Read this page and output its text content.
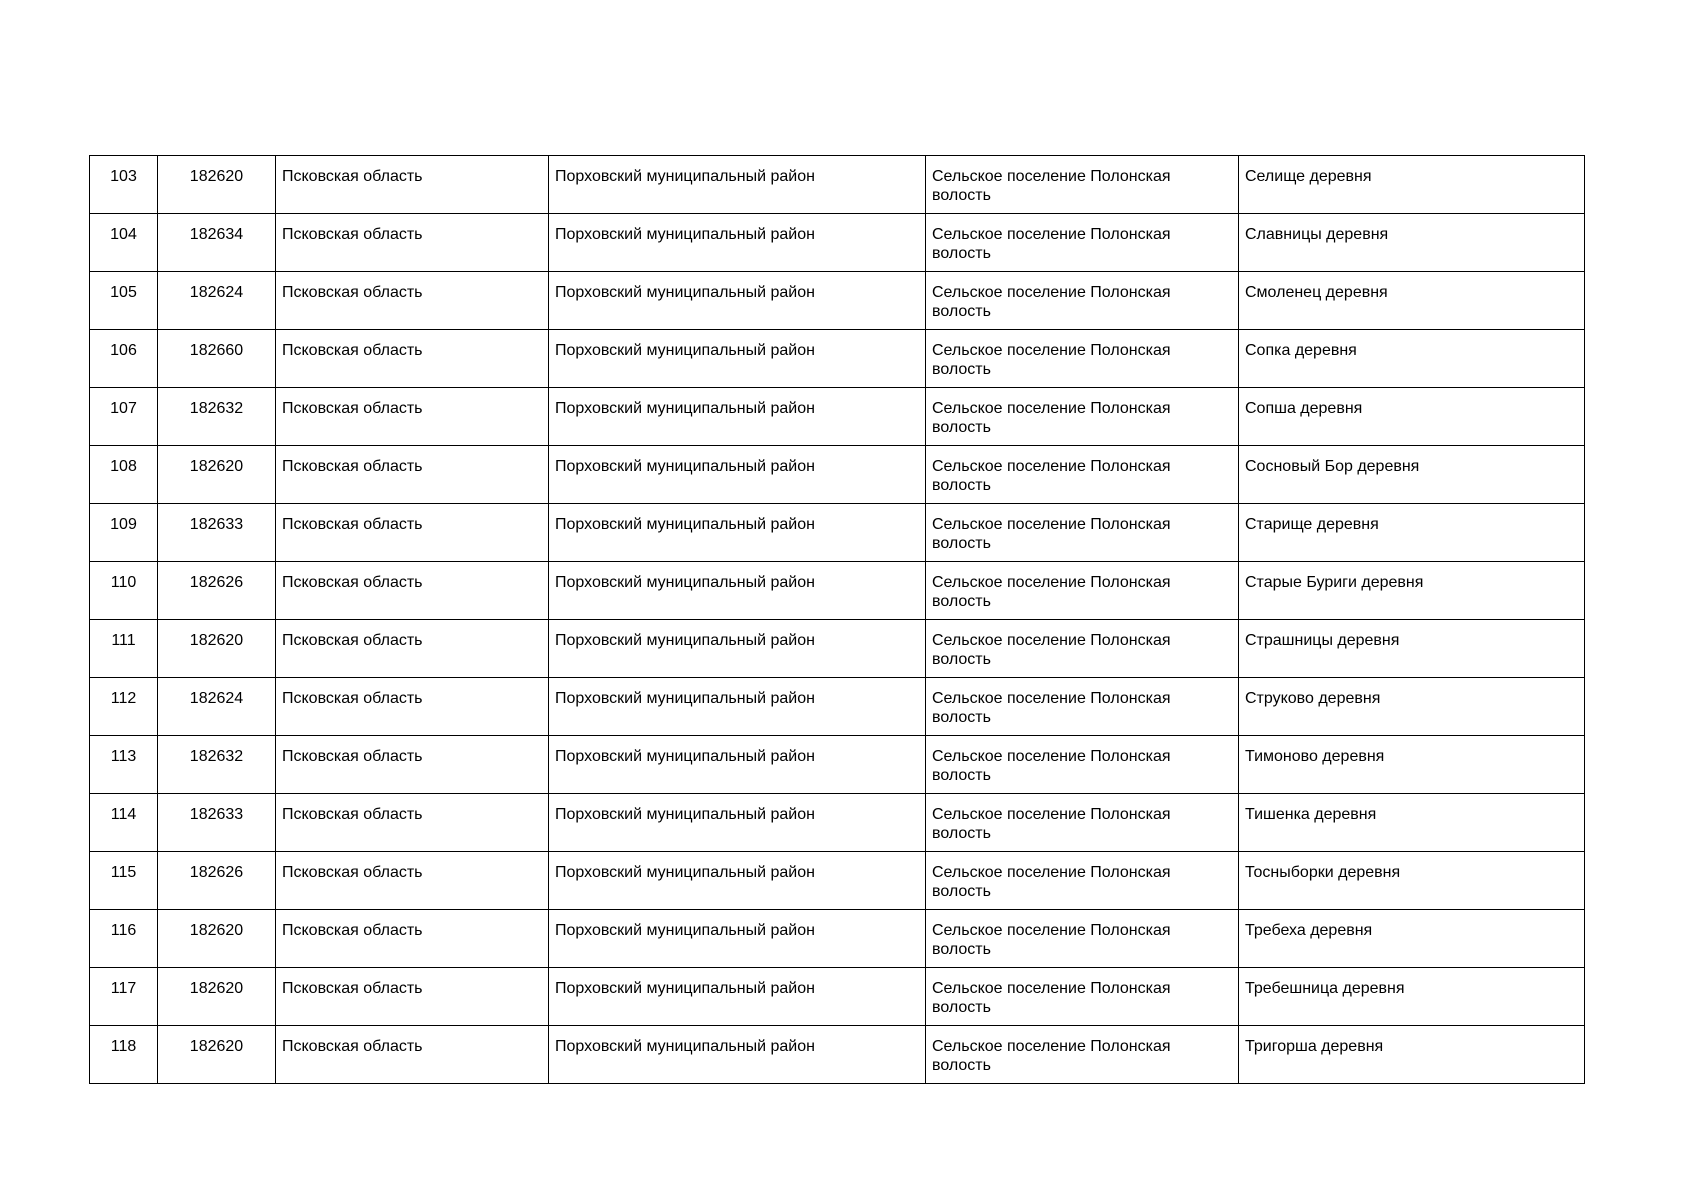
103	182620	Псковская область	Порховский муниципальный район	Сельское поселение Полонская волость	Селище деревня
104	182634	Псковская область	Порховский муниципальный район	Сельское поселение Полонская волость	Славницы деревня
105	182624	Псковская область	Порховский муниципальный район	Сельское поселение Полонская волость	Смоленец деревня
106	182660	Псковская область	Порховский муниципальный район	Сельское поселение Полонская волость	Сопка деревня
107	182632	Псковская область	Порховский муниципальный район	Сельское поселение Полонская волость	Сопша деревня
108	182620	Псковская область	Порховский муниципальный район	Сельское поселение Полонская волость	Сосновый Бор деревня
109	182633	Псковская область	Порховский муниципальный район	Сельское поселение Полонская волость	Старище деревня
110	182626	Псковская область	Порховский муниципальный район	Сельское поселение Полонская волость	Старые Буриги деревня
111	182620	Псковская область	Порховский муниципальный район	Сельское поселение Полонская волость	Страшницы деревня
112	182624	Псковская область	Порховский муниципальный район	Сельское поселение Полонская волость	Струково деревня
113	182632	Псковская область	Порховский муниципальный район	Сельское поселение Полонская волость	Тимоново деревня
114	182633	Псковская область	Порховский муниципальный район	Сельское поселение Полонская волость	Тишенка деревня
115	182626	Псковская область	Порховский муниципальный район	Сельское поселение Полонская волость	Тосныборки деревня
116	182620	Псковская область	Порховский муниципальный район	Сельское поселение Полонская волость	Требеха деревня
117	182620	Псковская область	Порховский муниципальный район	Сельское поселение Полонская волость	Требешница деревня
118	182620	Псковская область	Порховский муниципальный район	Сельское поселение Полонская волость	Тригорша деревня
